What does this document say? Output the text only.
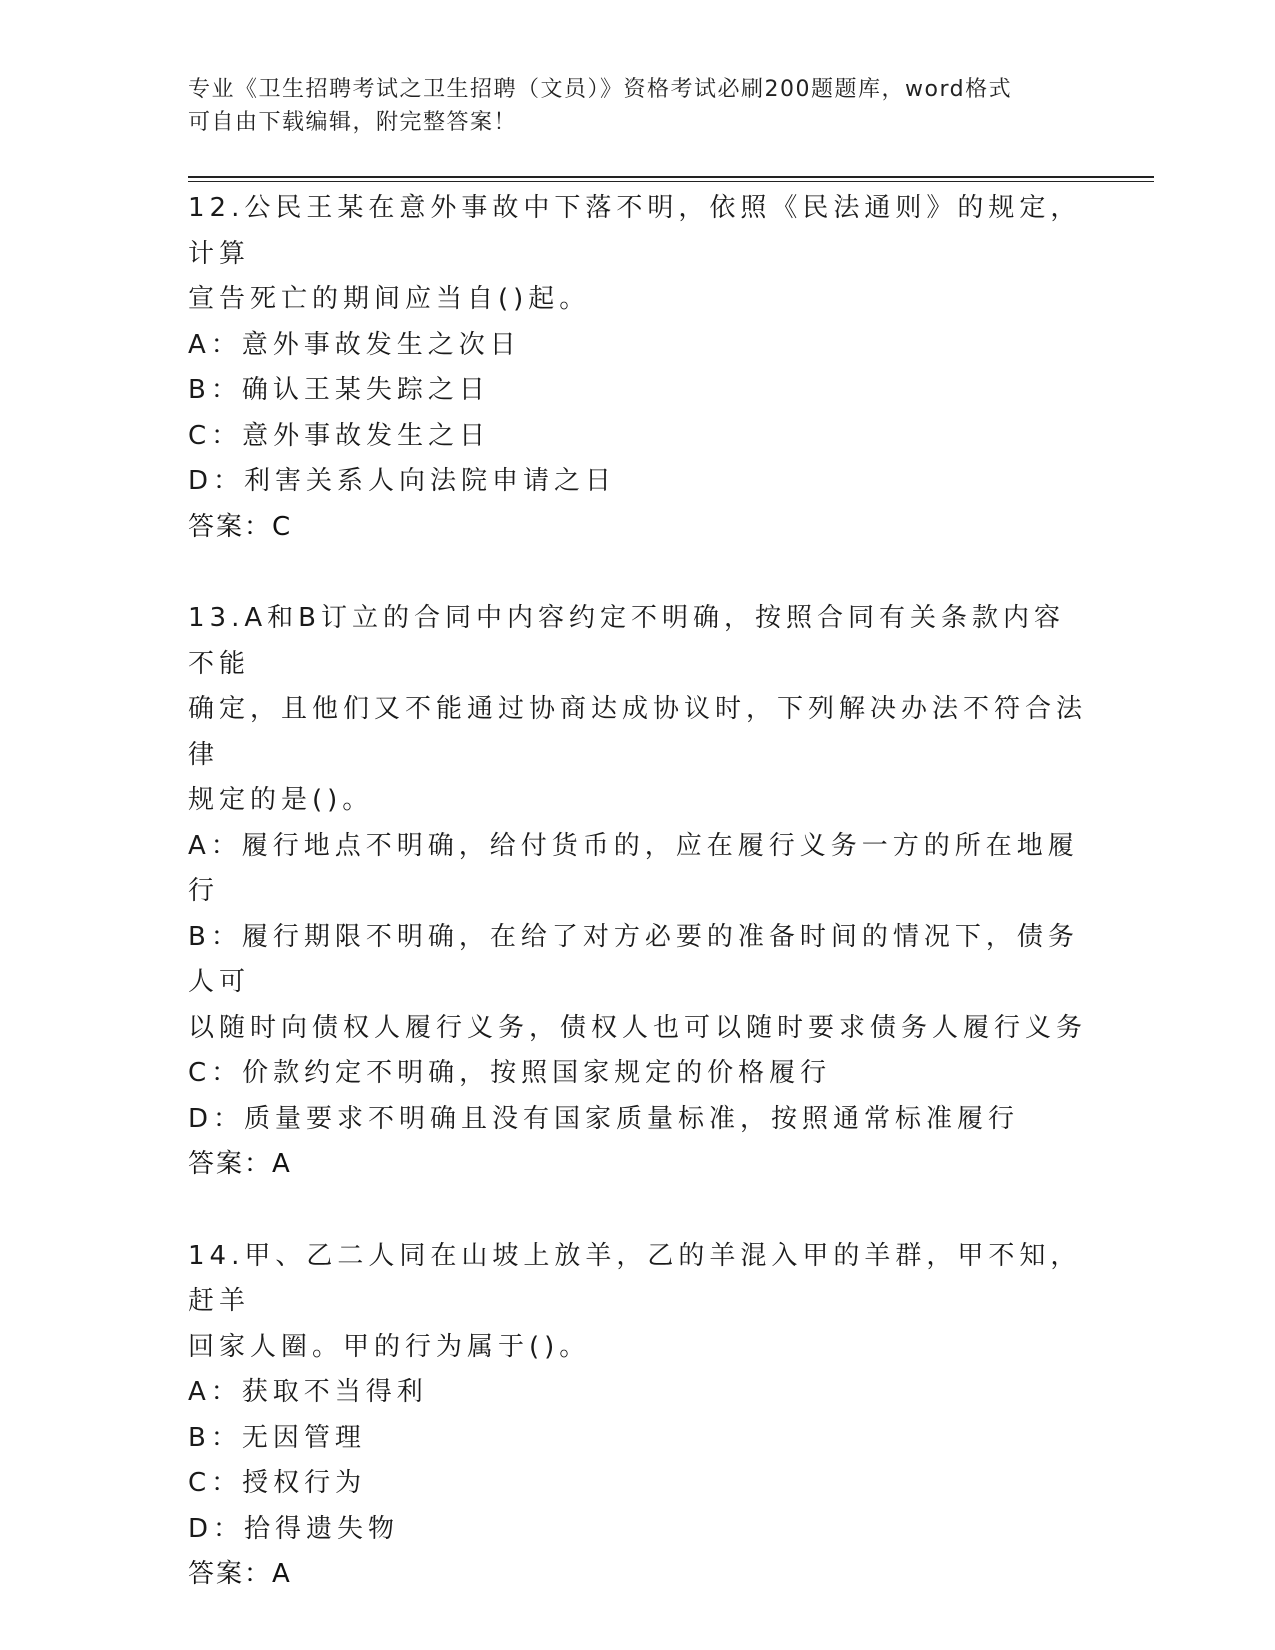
专业《卫生招聘考试之卫生招聘（文员）》资格考试必刷200题题库，word格式
可自由下载编辑，附完整答案！
12.公民王某在意外事故中下落不明，依照《民法通则》的规定，计算
宣告死亡的期间应当自()起。
A：意外事故发生之次日
B：确认王某失踪之日
C：意外事故发生之日
D：利害关系人向法院申请之日
答案：C
13.A和B订立的合同中内容约定不明确，按照合同有关条款内容不能
确定，且他们又不能通过协商达成协议时，下列解决办法不符合法律
规定的是()。
A：履行地点不明确，给付货币的，应在履行义务一方的所在地履行
B：履行期限不明确，在给了对方必要的准备时间的情况下，债务人可
以随时向债权人履行义务，债权人也可以随时要求债务人履行义务
C：价款约定不明确，按照国家规定的价格履行
D：质量要求不明确且没有国家质量标准，按照通常标准履行
答案：A
14.甲、乙二人同在山坡上放羊，乙的羊混入甲的羊群，甲不知，赶羊
回家人圈。甲的行为属于()。
A：获取不当得利
B：无因管理
C：授权行为
D：拾得遗失物
答案：A
